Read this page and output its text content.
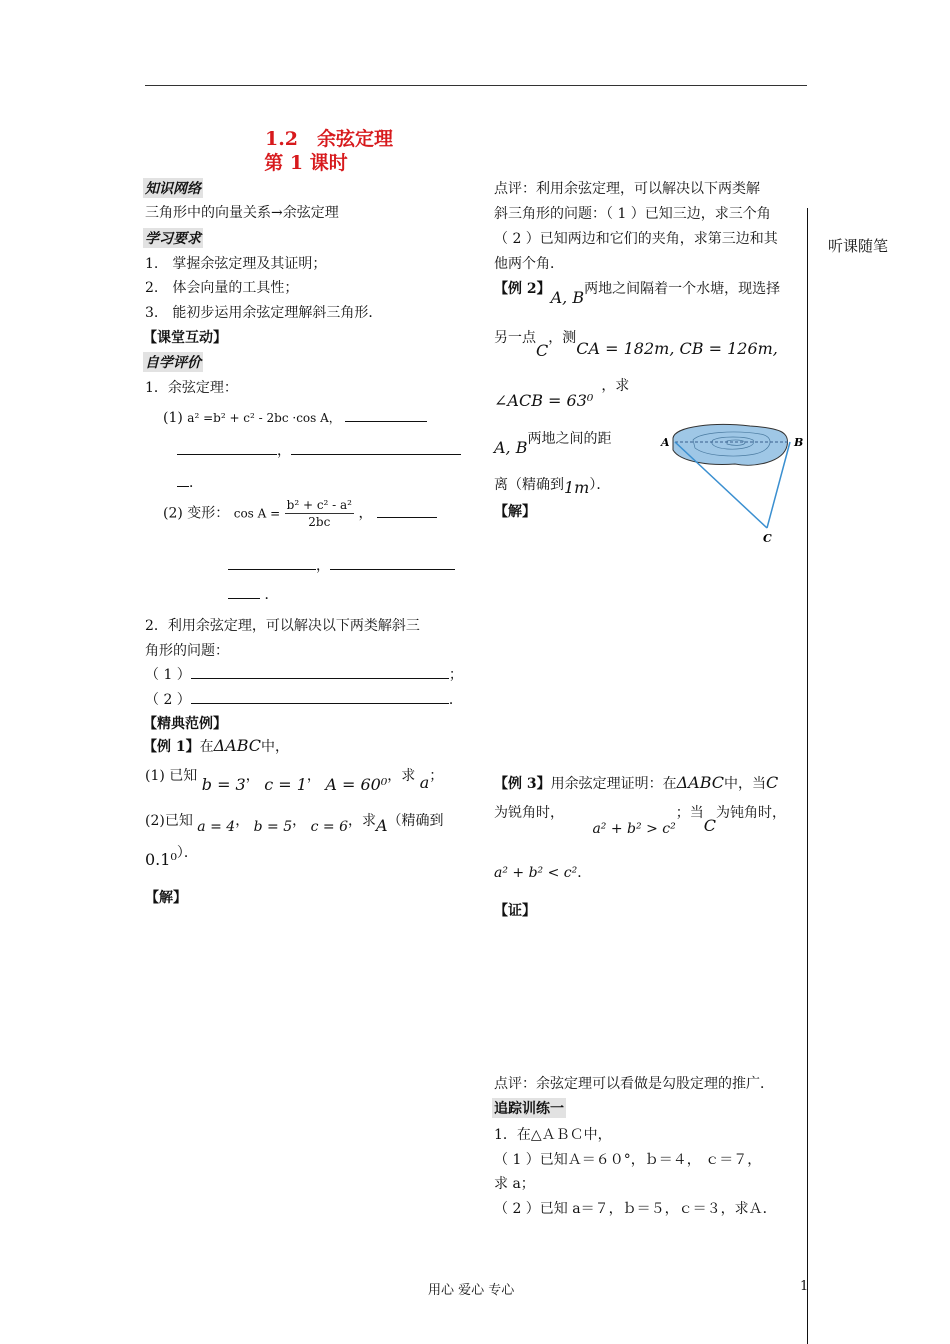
1.2　余弦定理
第 1 课时
听课随笔
知识网络
三角形中的向量关系→余弦定理
学习要求
1.　掌握余弦定理及其证明；
2.　体会向量的工具性；
3.　能初步运用余弦定理解斜三角形．
【课堂互动】
自学评价
1．余弦定理：
(1) a² =b² + c² - 2bc ·cos A，
，
．
(2) 变形： $\cos A = \frac{\text{b² + c² - a²}}{2bc}$ ，
，
．
2．利用余弦定理，可以解决以下两类解斜三
角形的问题：
（ 1 ）	；
（ 2 ）	．
【精典范例】
【例 1】在ΔABC中，
(1) 已知 b = 3， c = 1， A = 60⁰，求 a；
(2)已知 a = 4， b = 5， c = 6，求A（精确到
0.1⁰）．
【解】
点评：利用余弦定理，可以解决以下两类解
斜三角形的问题：（ 1 ）已知三边，求三个角
（ 2 ）已知两边和它们的夹角，求第三边和其
他两个角．
【例 2】A, B两地之间隔着一个水塘，现选择
另一点C，测CA = 182m, CB = 126m,
∠ACB = 63⁰，求
A, B两地之间的距
离（精确到1m）．
【解】
A	B
C
【例 3】用余弦定理证明：在ΔABC中，当C
为锐角时， a² + b² > c²；当C为钝角时，
a² + b² < c²．
【证】
点评：余弦定理可以看做是勾股定理的推广．
追踪训练一
1．在△ＡＢＣ中，
（ 1 ）已知Ａ＝６０°，ｂ＝４， ｃ＝７，
求 a；
（ 2 ）已知 a＝７，ｂ＝５，ｃ＝３，求Ａ．
用心 爱心 专心	1
